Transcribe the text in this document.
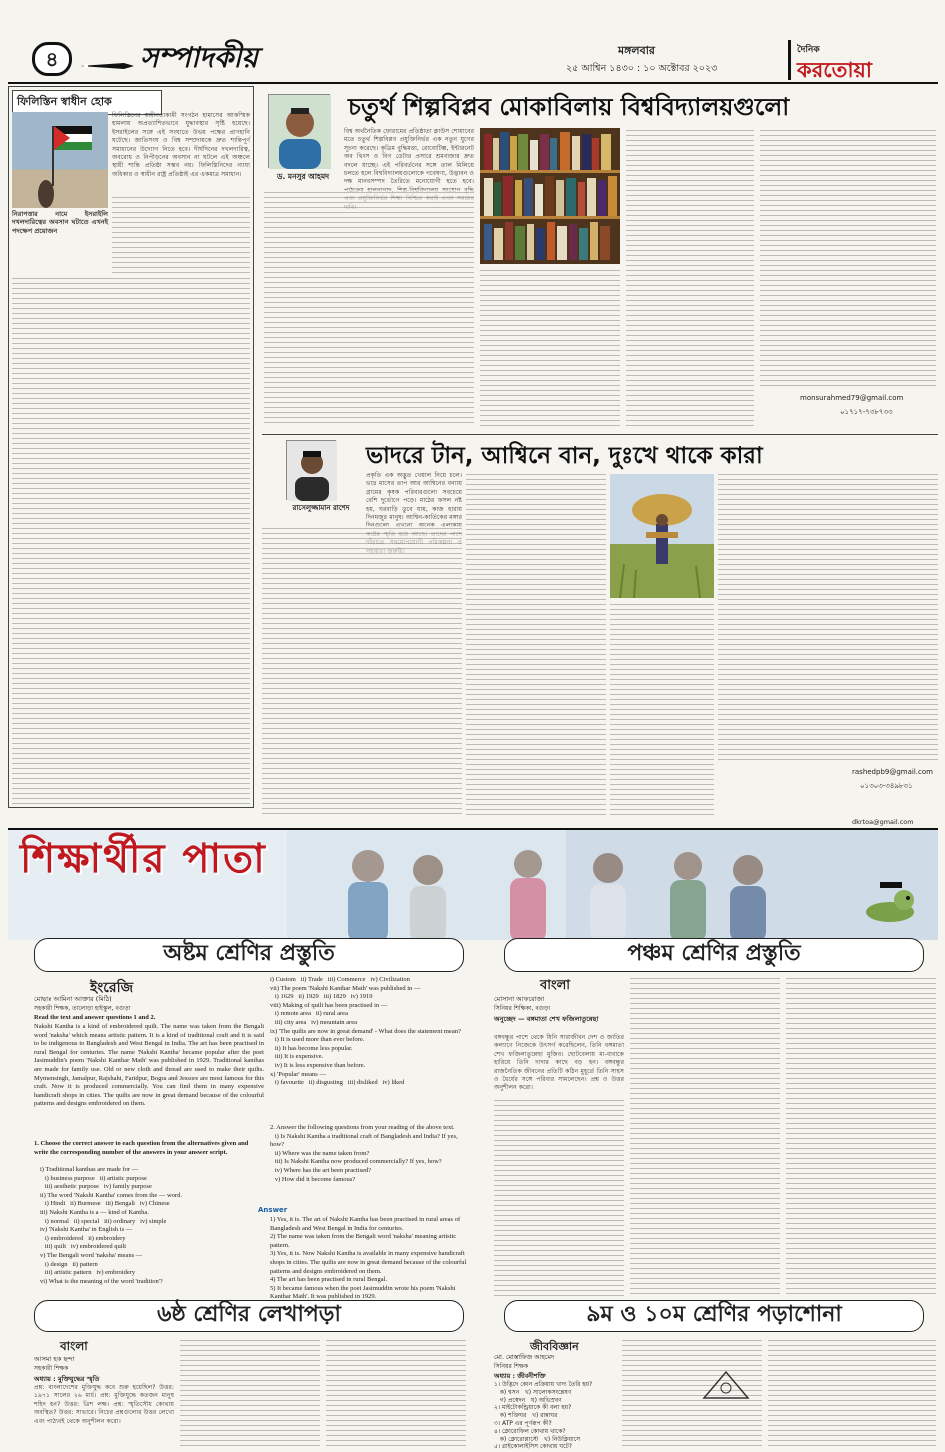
৪	সম্পাদকীয়	মঙ্গলবার
২৫ আশ্বিন ১৪৩০ : ১০ অক্টোবর ২০২৩
দৈনিক
করতোয়া
ফিলিস্তিন স্বাধীন হোক
নিরাপত্তার নামে ইসরাইলি দখলদারিত্বের অবসান ঘটাতে এখনই পদক্ষেপ প্রয়োজন
ফিলিস্তিনের স্বাধীনতাকামী সংগঠন হামাসের আকস্মিক হামলায় অপ্রত্যাশিতভাবে যুদ্ধাবস্থার সৃষ্টি হয়েছে। ইসরাইলের সঙ্গে এই সংঘাতে উভয় পক্ষের প্রাণহানি ঘটেছে। জাতিসংঘ ও বিশ্ব সম্প্রদায়কে দ্রুত শান্তিপূর্ণ সমাধানের উদ্যোগ নিতে হবে। দীর্ঘদিনের দখলদারিত্ব, অবরোধ ও নিপীড়নের অবসান না ঘটলে এই অঞ্চলে স্থায়ী শান্তি প্রতিষ্ঠা সম্ভব নয়। ফিলিস্তিনিদের ন্যায্য অধিকার ও স্বাধীন রাষ্ট্র প্রতিষ্ঠাই এর একমাত্র সমাধান।	ড. মনসুর আহমদ
চতুর্থ শিল্পবিপ্লব মোকাবিলায় বিশ্ববিদ্যালয়গুলো
বিশ্ব অর্থনৈতিক ফোরামের প্রতিষ্ঠাতা ক্লাউস শোয়াবের মতে চতুর্থ শিল্পবিপ্লব প্রযুক্তিনির্ভর এক নতুন যুগের সূচনা করেছে। কৃত্রিম বুদ্ধিমত্তা, রোবোটিক্স, ইন্টারনেট অব থিংস ও বিগ ডেটার প্রসারে শ্রমবাজার দ্রুত বদলে যাচ্ছে। এই পরিবর্তনের সঙ্গে তাল মিলিয়ে চলতে হলে বিশ্ববিদ্যালয়গুলোকে গবেষণা, উদ্ভাবন ও দক্ষ মানবসম্পদ তৈরিতে মনোযোগী হতে হবে।
monsurahmed79@gmail.com
০১৭১৭-৭৩৮৭৩৩
রাসেলুজ্জামান রাশেদ
ভাদরে টান, আশ্বিনে বান, দুঃখে থাকে কারা
প্রকৃতি এক অদ্ভুত খেয়াল নিয়ে চলে। ভাদ্র মাসের তাপ আর আশ্বিনের বন্যায় গ্রামের কৃষক পরিবারগুলো সবচেয়ে বেশি দুর্ভোগে পড়ে। মাঠের ফসল নষ্ট হয়, ঘরবাড়ি ডুবে যায়, কাজ হারায় দিনমজুর মানুষ। আশ্বিন-কার্তিকের মঙ্গার
rashedpb9@gmail.com
০১৩০৩-৩৪৯৮৩১
dkrtoa@gmail.com
শিক্ষার্থীর পাতা
অষ্টম শ্রেণির প্রস্তুতি	পঞ্চম শ্রেণির প্রস্তুতি
ইংরেজি
মোছাঃ আমিনা আক্তার (মিঠি)
সহকারী শিক্ষক, তালোড়া হাইস্কুল, বগুড়া
Read the text and answer questions 1 and 2.
Nakshi Kantha is a kind of embroidered quilt. The name was taken from the Bengali word 'naksha' which means artistic pattern. It is a kind of traditional craft and it is said to be indigenous to Bangladesh and West Bengal in India. The art has been practised in rural Bengal for centuries. The name 'Nakshi Kantha' became popular after the poet Jasimuddin's poem 'Nakshi Kanthar Math' was published in 1929. Traditional kanthas are made for family use. Old or new cloth and thread are used to make their quilts. Mymensingh, Jamalpur, Rajshahi, Faridpur, Bogra and Jessore are most famous for this craft. Now it is produced commercially. You can find them in many expensive handicraft shops in cities. The quilts are now in great demand because of the colourful patterns and designs embroidered on them.
1. Choose the correct answer to each question from the alternatives given and write the corresponding number of the answers in your answer script.
i) Traditional kanthas are made for —
i) business purpose   ii) artistic purpose
iii) aesthetic purpose   iv) family purpose
ii) The word 'Nakshi Kantha' comes from the — word.
i) Hindi   ii) Burmese   iii) Bengali   iv) Chinese
iii) Nakshi Kantha is a — kind of Kantha.
i) normal   ii) special   iii) ordinary   iv) simple
iv) 'Nakshi Kantha' in English is —
i) embroidered   ii) embroidery
iii) quilt   iv) embroidered quilt
v) The Bengali word 'naksha' means —
i) design   ii) pattern
iii) artistic pattern   iv) embroidery
vi) What is the meaning of the word 'tradition'?
i) Custom   ii) Trade   iii) Commerce   iv) Civilization
vii) The poem 'Nakshi Kanthar Math' was published in —
i) 1629   ii) 1929   iii) 1829   iv) 1919
viii) Making of quilt has been practised in —
i) remote area   ii) rural area
iii) city area   iv) mountain area
ix) 'The quilts are now in great demand' - What does the statement mean?
i) It is used more than ever before.
ii) It has become less popular.
iii) It is expensive.
iv) It is less expensive than before.
x) 'Popular' means —
i) favourite   ii) disgusting   iii) disliked   iv) liked
2. Answer the following questions from your reading of the above text.
i) Is Nakshi Kantha a traditional craft of Bangladesh and India? If yes, how?
ii) Where was the name taken from?
iii) Is Nakshi Kantha now produced commercially? If yes, how?
iv) Where has the art been practised?
v) How did it become famous?
Answer
1) Yes, it is. The art of Nakshi Kantha has been practised in rural areas of Bangladesh and West Bengal in India for centuries.
2) The name was taken from the Bengali word 'naksha' meaning artistic pattern.
3) Yes, it is. Now Nakshi Kantha is available in many expensive handicraft shops in cities. The quilts are now in great demand because of the colourful patterns and designs embroidered on them.
4) The art has been practised in rural Bengal.
5) It became famous when the poet Jasimuddin wrote his poem 'Nakshi Kanthar Math'. It was published in 1929.
বাংলা
মোসানা আফরোজা
সিনিয়র শিক্ষিকা, বগুড়া
অনুচ্ছেদ — বঙ্গমাতা শেখ ফজিলাতুন্নেছা
বঙ্গবন্ধুর পাশে থেকে যিনি সারাজীবন দেশ ও জাতির কল্যাণে নিজেকে উৎসর্গ করেছিলেন, তিনি বঙ্গমাতা শেখ ফজিলাতুন্নেছা মুজিব। ছোটবেলায় মা-বাবাকে হারিয়ে তিনি দাদার কাছে বড় হন। বঙ্গবন্ধুর রাজনৈতিক জীবনের প্রতিটি কঠিন মুহূর্তে তিনি সাহস ও ধৈর্যের সঙ্গে পরিবার সামলেছেন। প্রশ্ন ও উত্তর অনুশীলন করো।
৬ষ্ঠ শ্রেণির লেখাপড়া	৯ম ও ১০ম শ্রেণির পড়াশোনা
বাংলা
আসমা হক ছন্দা
সহকারী শিক্ষক
অধ্যায় : মুক্তিযুদ্ধের স্মৃতি
প্রশ্ন: বাংলাদেশের মুক্তিযুদ্ধ কবে শুরু হয়েছিল? উত্তর: ১৯৭১ সালের ২৬ মার্চ। প্রশ্ন: মুক্তিযুদ্ধে কতজন মানুষ শহিদ হন? উত্তর: ত্রিশ লক্ষ। প্রশ্ন: স্মৃতিসৌধ কোথায় অবস্থিত? উত্তর: সাভারে। নিচের প্রশ্নগুলোর উত্তর লেখো এবং পাঠ্যবই থেকে অনুশীলন করো।
জীববিজ্ঞান
মো. মোস্তাফিজ আহমেদ
সিনিয়র শিক্ষক
অধ্যায় : জীবনীশক্তি
১। উদ্ভিদে কোন প্রক্রিয়ায় খাদ্য তৈরি হয়?
ক) শ্বসন   খ) সালোকসংশ্লেষণ
গ) প্রস্বেদন   ঘ) অভিস্রবণ
২। মাইটোকন্ড্রিয়াকে কী বলা হয়?
ক) শক্তিঘর   খ) রান্নাঘর
৩। ATP এর পূর্ণরূপ কী?
৪। ক্লোরোফিল কোথায় থাকে?
ক) ক্লোরোপ্লাস্টে   খ) নিউক্লিয়াসে
৫। গ্লাইকোলাইসিস কোথায় ঘটে?
